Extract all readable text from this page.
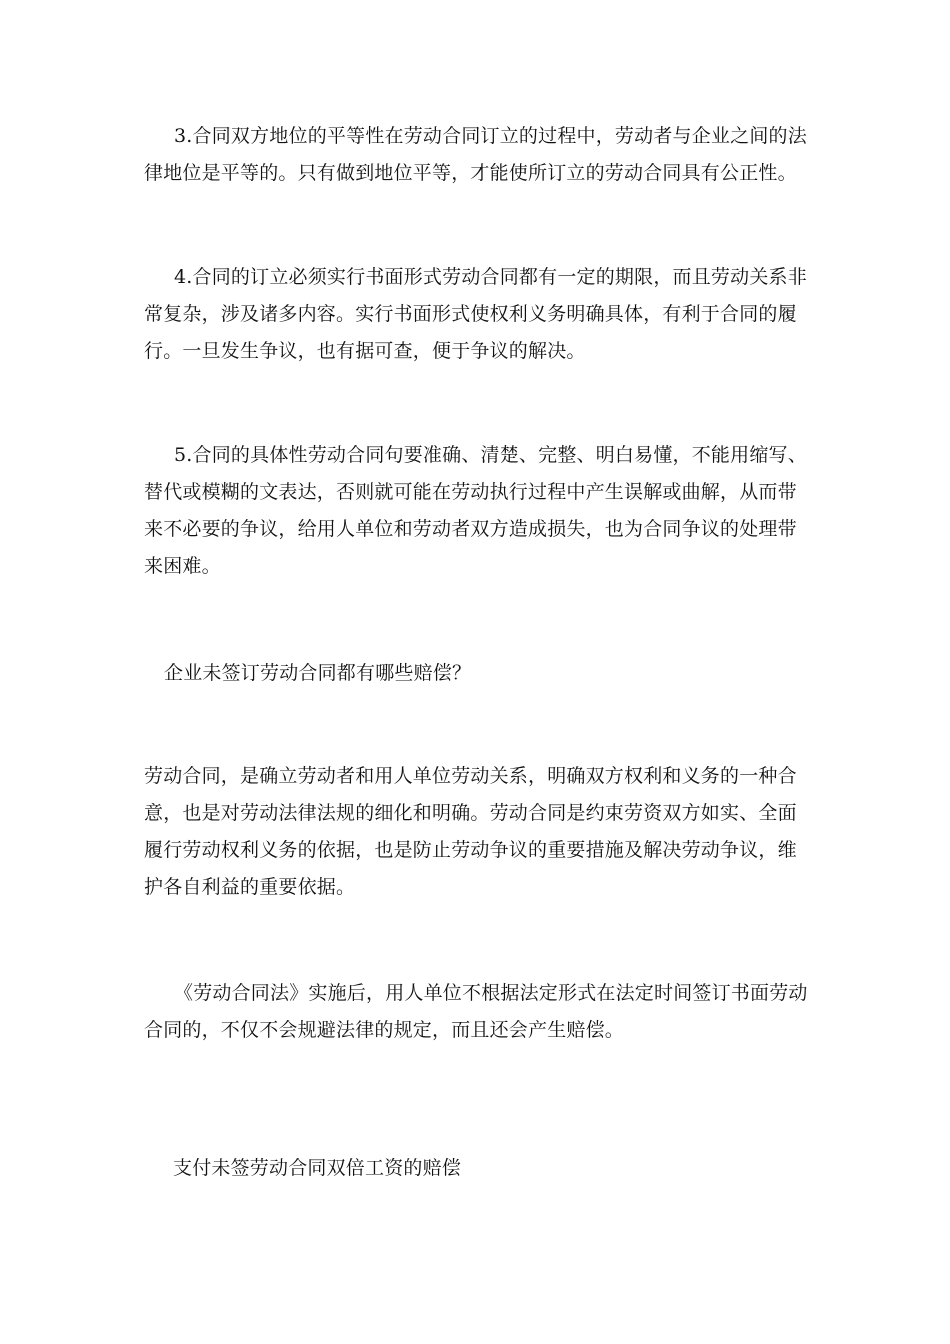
3.合同双方地位的平等性在劳动合同订立的过程中，劳动者与企业之间的法律地位是平等的。只有做到地位平等，才能使所订立的劳动合同具有公正性。

4.合同的订立必须实行书面形式劳动合同都有一定的期限，而且劳动关系非常复杂，涉及诸多内容。实行书面形式使权利义务明确具体，有利于合同的履行。一旦发生争议，也有据可查，便于争议的解决。

5.合同的具体性劳动合同句要准确、清楚、完整、明白易懂，不能用缩写、替代或模糊的文表达，否则就可能在劳动执行过程中产生误解或曲解，从而带来不必要的争议，给用人单位和劳动者双方造成损失，也为合同争议的处理带来困难。

企业未签订劳动合同都有哪些赔偿？

劳动合同，是确立劳动者和用人单位劳动关系，明确双方权利和义务的一种合意，也是对劳动法律法规的细化和明确。劳动合同是约束劳资双方如实、全面履行劳动权利义务的依据，也是防止劳动争议的重要措施及解决劳动争议，维护各自利益的重要依据。

《劳动合同法》实施后，用人单位不根据法定形式在法定时间签订书面劳动合同的，不仅不会规避法律的规定，而且还会产生赔偿。

支付未签劳动合同双倍工资的赔偿
